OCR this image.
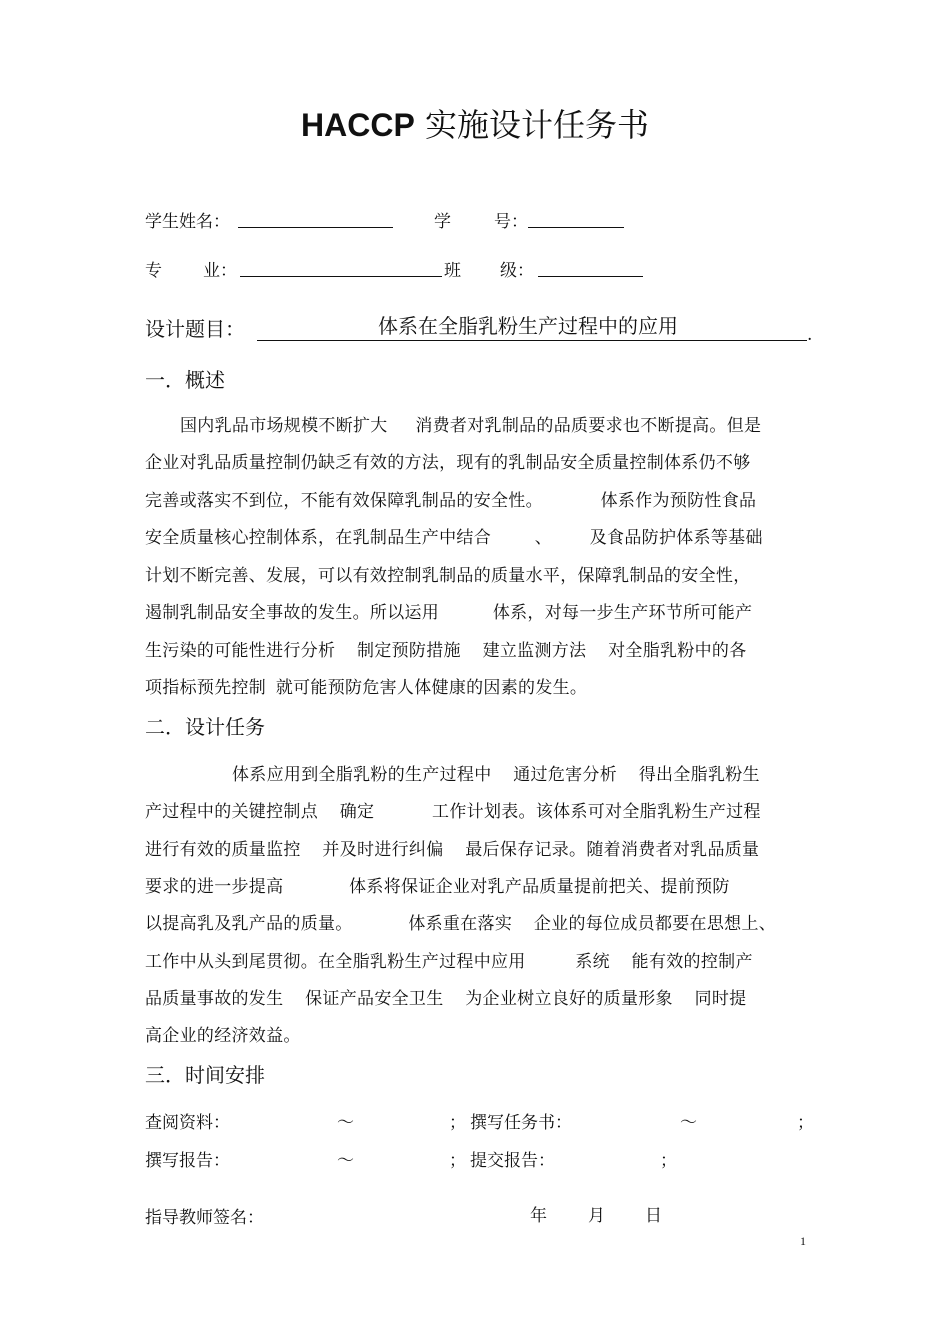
HACCP 实施设计任务书
学生姓名：	学	号：
专 业：	班 级：
设计题目：	体系在全脂乳粉生产过程中的应用	.
一．概述
国内乳品市场规模不断扩大 消费者对乳制品的品质要求也不断提高。但是
企业对乳品质量控制仍缺乏有效的方法，现有的乳制品安全质量控制体系仍不够
完善或落实不到位，不能有效保障乳制品的安全性。	体系作为预防性食品
安全质量核心控制体系，在乳制品生产中结合	、 及食品防护体系等基础
计划不断完善、发展，可以有效控制乳制品的质量水平，保障乳制品的安全性，
遏制乳制品安全事故的发生。所以运用	体系，对每一步生产环节所可能产
生污染的可能性进行分析 制定预防措施 建立监测方法 对全脂乳粉中的各
项指标预先控制 就可能预防危害人体健康的因素的发生。
二．设计任务
体系应用到全脂乳粉的生产过程中 通过危害分析 得出全脂乳粉生
产过程中的关键控制点 确定	工作计划表。该体系可对全脂乳粉生产过程
进行有效的质量监控 并及时进行纠偏 最后保存记录。随着消费者对乳品质量
要求的进一步提高	体系将保证企业对乳产品质量提前把关、提前预防
以提高乳及乳产品的质量。	体系重在落实 企业的每位成员都要在思想上、
工作中从头到尾贯彻。在全脂乳粉生产过程中应用	系统 能有效的控制产
品质量事故的发生 保证产品安全卫生 为企业树立良好的质量形象 同时提
高企业的经济效益。
三．时间安排
查阅资料：	～	； 撰写任务书：	～	；
撰写报告：	～	； 提交报告：	；
指导教师签名：	年 月 日
1
